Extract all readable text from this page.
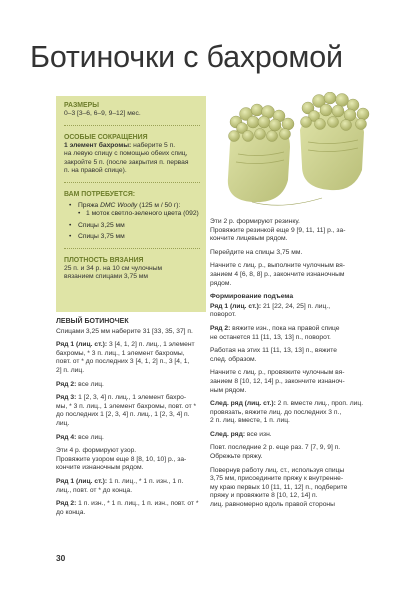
Ботиночки с бахромой
РАЗМЕРЫ
0–3 [3–6, 6–9, 9–12] мес.
ОСОБЫЕ СОКРАЩЕНИЯ
1 элемент бахромы: наберите 5 п.
на левую спицу с помощью обеих спиц,
закройте 5 п. (после закрытия п. первая
п. на правой спице).
ВАМ ПОТРЕБУЕТСЯ:
• Пряжа DMC Woolly (125 м / 50 г):
• 1 моток светло-зеленого цвета (092)
• Спицы 3,25 мм
• Спицы 3,75 мм
ПЛОТНОСТЬ ВЯЗАНИЯ
25 п. и 34 р. на 10 см чулочным
вязанием спицами 3,75 мм
ЛЕВЫЙ БОТИНОЧЕК

Спицами 3,25 мм наберите 31 [33, 35, 37] п.

Ряд 1 (лиц. ст.): 3 [4, 1, 2] п. лиц., 1 элемент
бахромы, * 3 п. лиц., 1 элемент бахромы,
повт. от * до последних 3 [4, 1, 2] п., 3 [4, 1,
2] п. лиц.

Ряд 2: все лиц.

Ряд 3: 1 [2, 3, 4] п. лиц., 1 элемент бахро-
мы, * 3 п. лиц., 1 элемент бахромы, повт. от *
до последних 1 [2, 3, 4] п. лиц., 1 [2, 3, 4] п.
лиц.

Ряд 4: все лиц.

Эти 4 р. формируют узор.
Провяжите узором еще 8 [8, 10, 10] р., за-
кончите изнаночным рядом.

Ряд 1 (лиц. ст.): 1 п. лиц., * 1 п. изн., 1 п.
лиц., повт. от * до конца.

Ряд 2: 1 п. изн., * 1 п. лиц., 1 п. изн., повт. от *
до конца.

Эти 2 р. формируют резинку.
Провяжите резинкой еще 9 [9, 11, 11] р., за-
кончите лицевым рядом.

Перейдите на спицы 3,75 мм.

Начните с лиц. р., выполните чулочным вя-
занием 4 [6, 8, 8] р., закончите изнаночным
рядом.

Формирование подъема

Ряд 1 (лиц. ст.): 21 [22, 24, 25] п. лиц.,
поворот.

Ряд 2: вяжите изн., пока на правой спице
не останется 11 [11, 13, 13] п., поворот.

Работая на этих 11 [11, 13, 13] п., вяжите
след. образом.

Начните с лиц. р., провяжите чулочным вя-
занием 8 [10, 12, 14] р., закончите изнаноч-
ным рядом.

След. ряд (лиц. ст.): 2 п. вместе лиц., проп. лиц.
провязать, вяжите лиц. до последних 3 п.,
2 п. лиц. вместе, 1 п. лиц.

След. ряд: все изн.

Повт. последние 2 р. еще раз. 7 [7, 9, 9] п.
Обрежьте пряжу.

Повернув работу лиц. ст., используя спицы
3,75 мм, присоедините пряжу к внутренне-
му краю первых 10 [11, 11, 12] п., подберите
пряжу и провяжите 8 [10, 12, 14] п.
лиц. равномерно вдоль правой стороны

30
